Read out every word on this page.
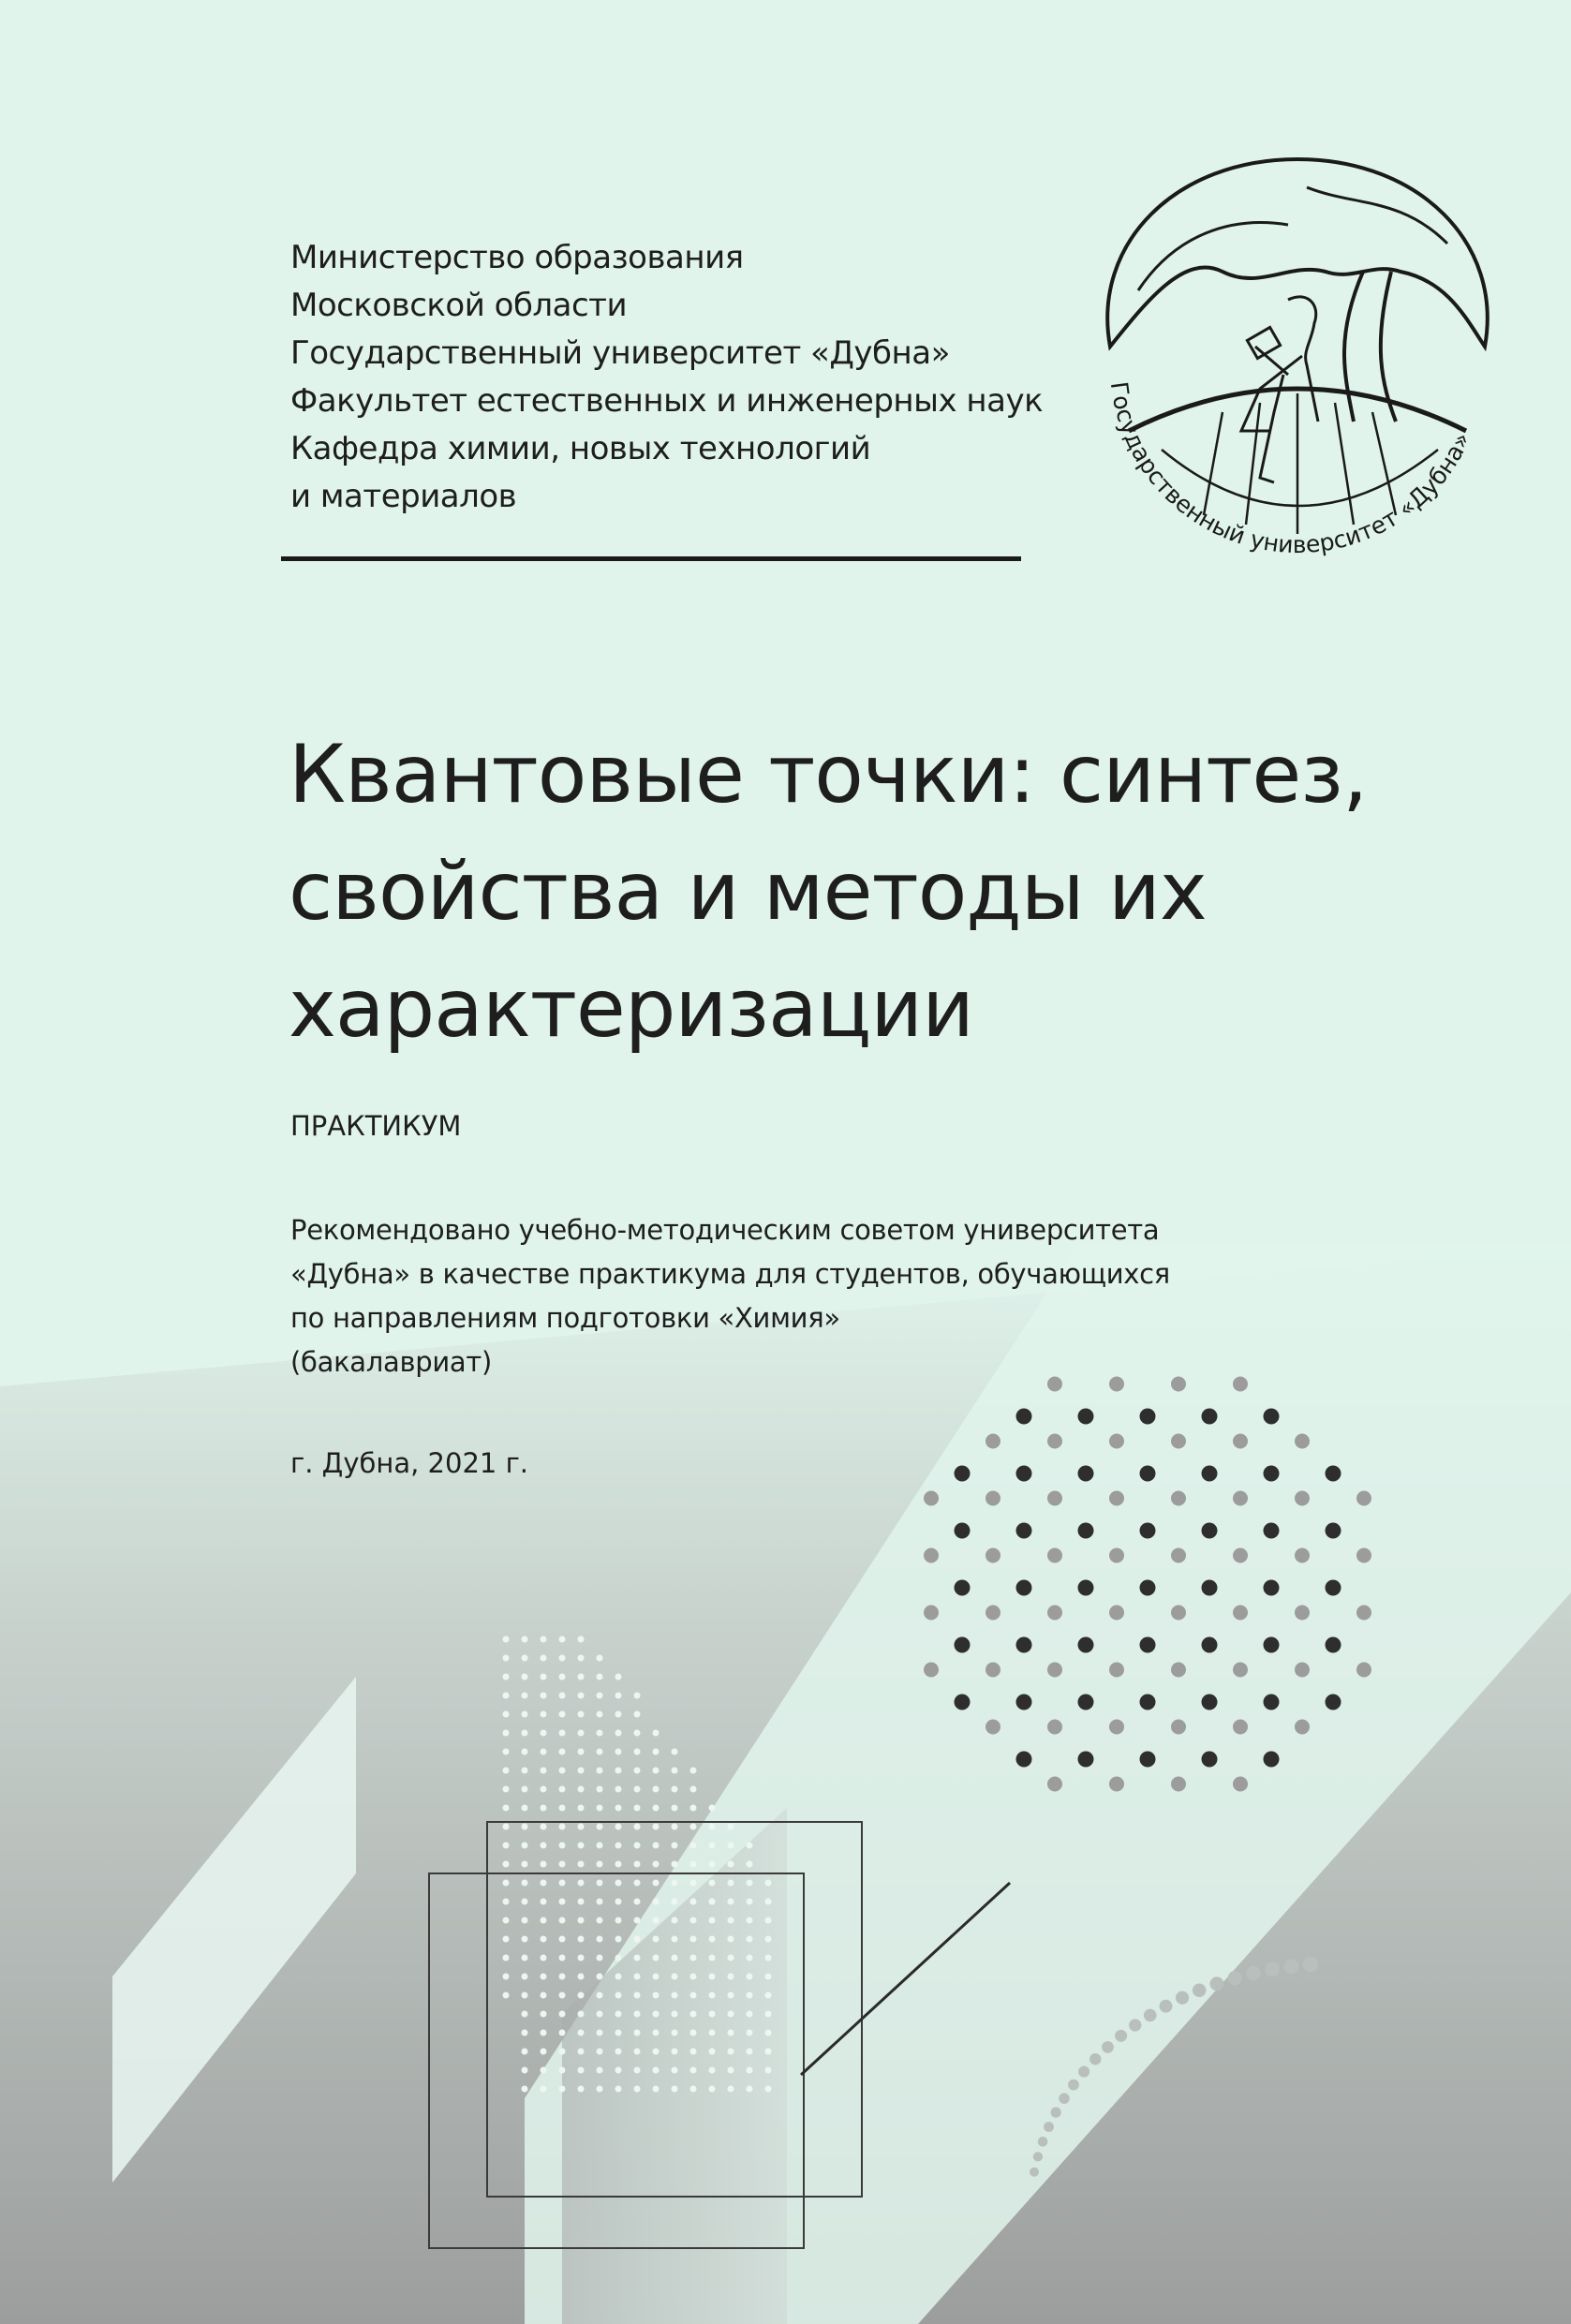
Государственный университет «Дубна»
Министерство образования
Московской области
Государственный университет «Дубна»
Факультет естественных и инженерных наук
Кафедра химии, новых технологий
и материалов
Квантовые точки: синтез,
свойства и методы их
характеризации
ПРАКТИКУМ
Рекомендовано учебно-методическим советом университета
«Дубна» в качестве практикума для студентов, обучающихся
по направлениям подготовки «Химия»
(бакалавриат)
г. Дубна, 2021 г.
